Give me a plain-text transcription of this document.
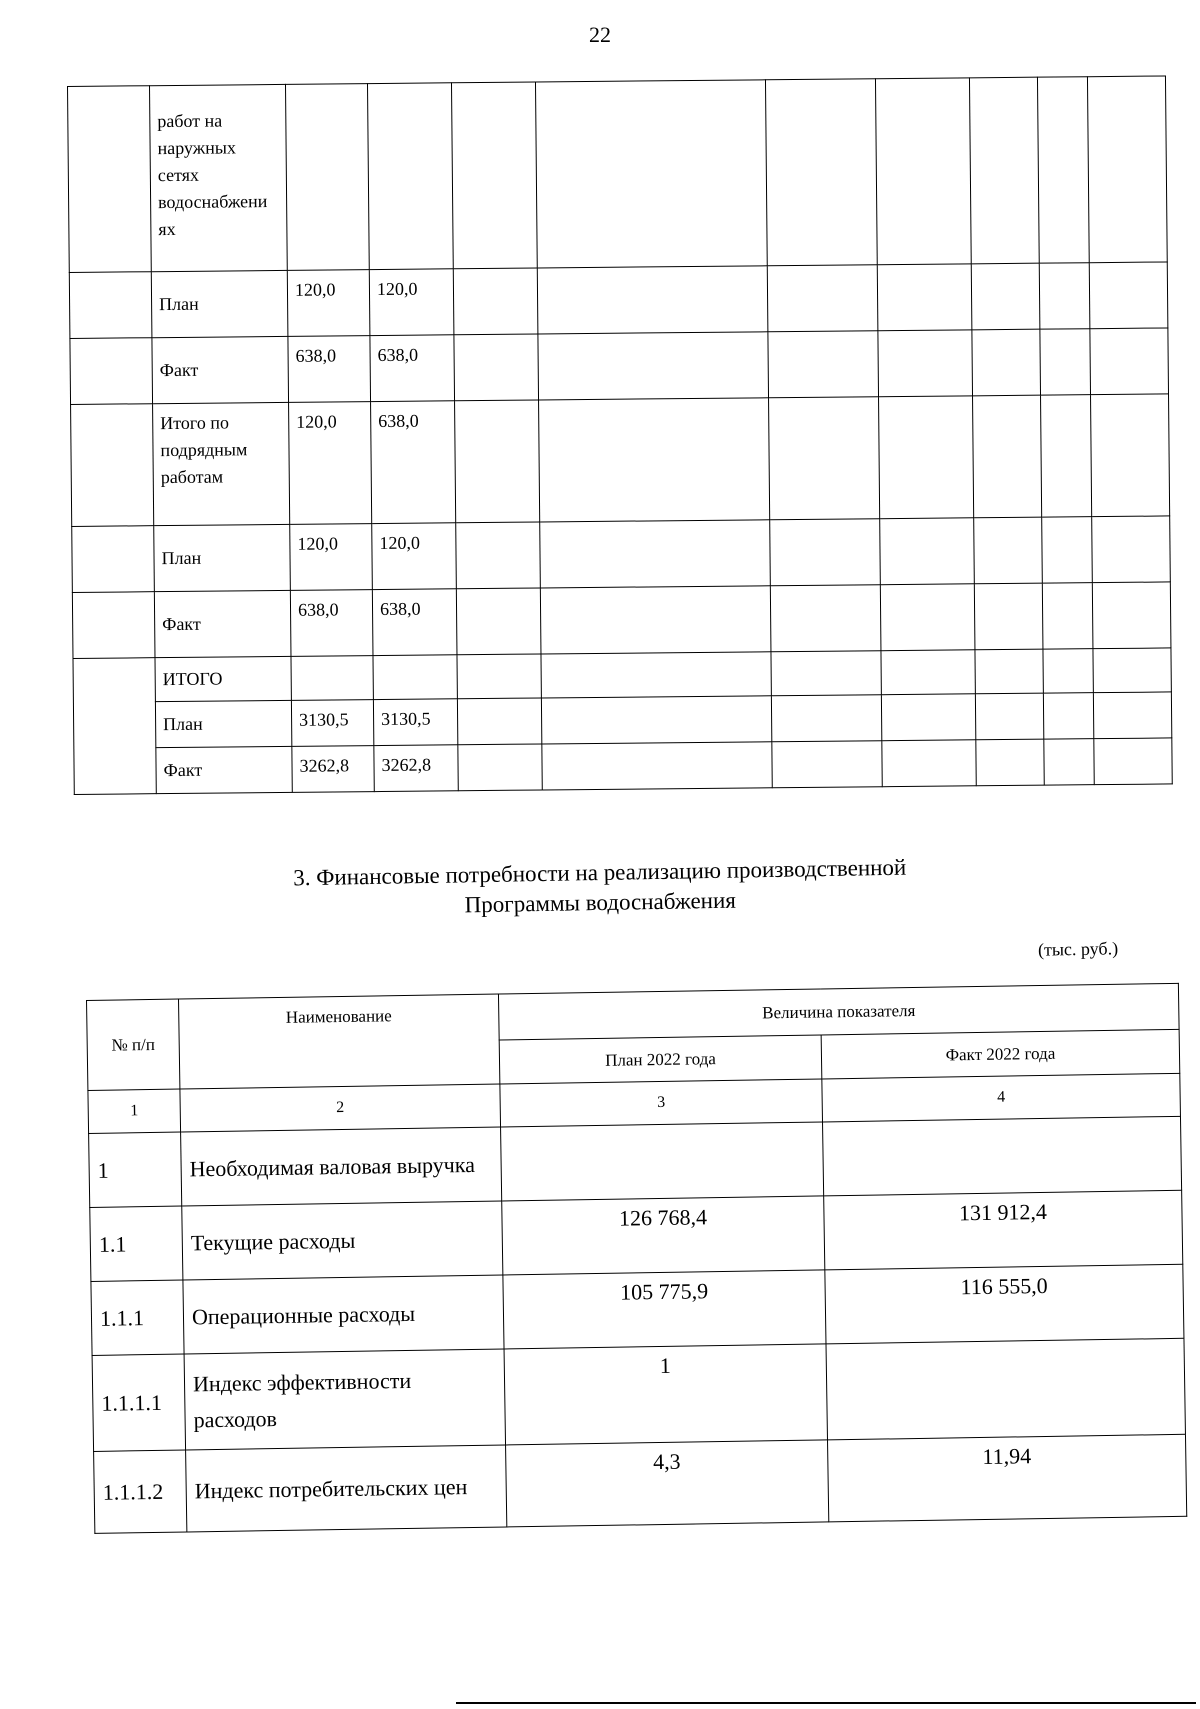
22
	работ на наружных сетях водоснабжени ях									
	План	120,0	120,0							
	Факт	638,0	638,0							
	Итого по подрядным работам	120,0	638,0							
	План	120,0	120,0							
	Факт	638,0	638,0							
	ИТОГО									
	План	3130,5	3130,5							
	Факт	3262,8	3262,8							
3. Финансовые потребности на реализацию производственной
Программы водоснабжения
(тыс. руб.)
№ п/п	Наименование	Величина показателя	
		План 2022 года	Факт 2022 года
1	2	3	4
1	Необходимая валовая выручка		
1.1	Текущие расходы	126 768,4	131 912,4
1.1.1	Операционные расходы	105 775,9	116 555,0
1.1.1.1	Индекс эффективности расходов	1	
1.1.1.2	Индекс потребительских цен	4,3	11,94
